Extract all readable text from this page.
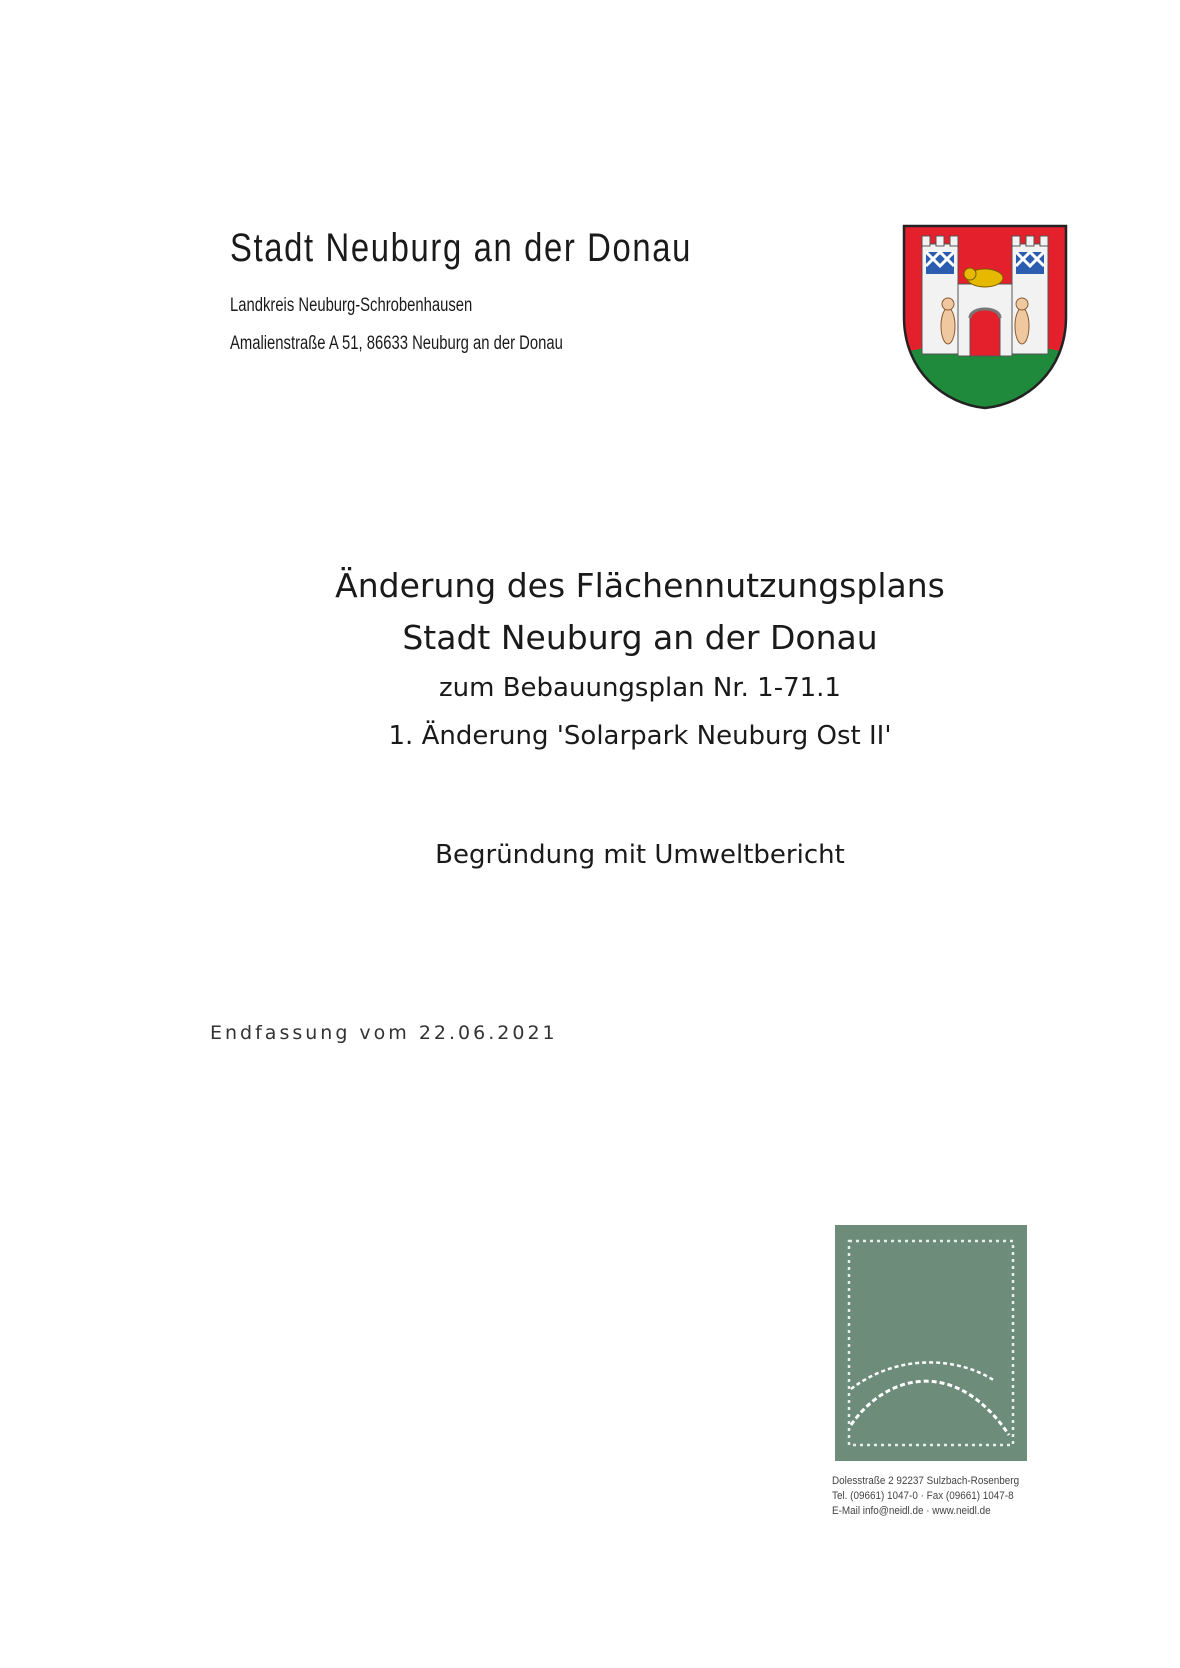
Stadt Neuburg an der Donau

Landkreis Neuburg-Schrobenhausen

Amalienstraße A 51, 86633 Neuburg an der Donau

Änderung des Flächennutzungsplans

Stadt Neuburg an der Donau

zum Bebauungsplan Nr. 1-71.1

1. Änderung 'Solarpark Neuburg Ost II'

Begründung mit Umweltbericht

Endfassung vom 22.06.2021

Dolesstraße 2 92237 Sulzbach-Rosenberg
Tel. (09661) 1047-0 · Fax (09661) 1047-8
E-Mail info@neidl.de · www.neidl.de
